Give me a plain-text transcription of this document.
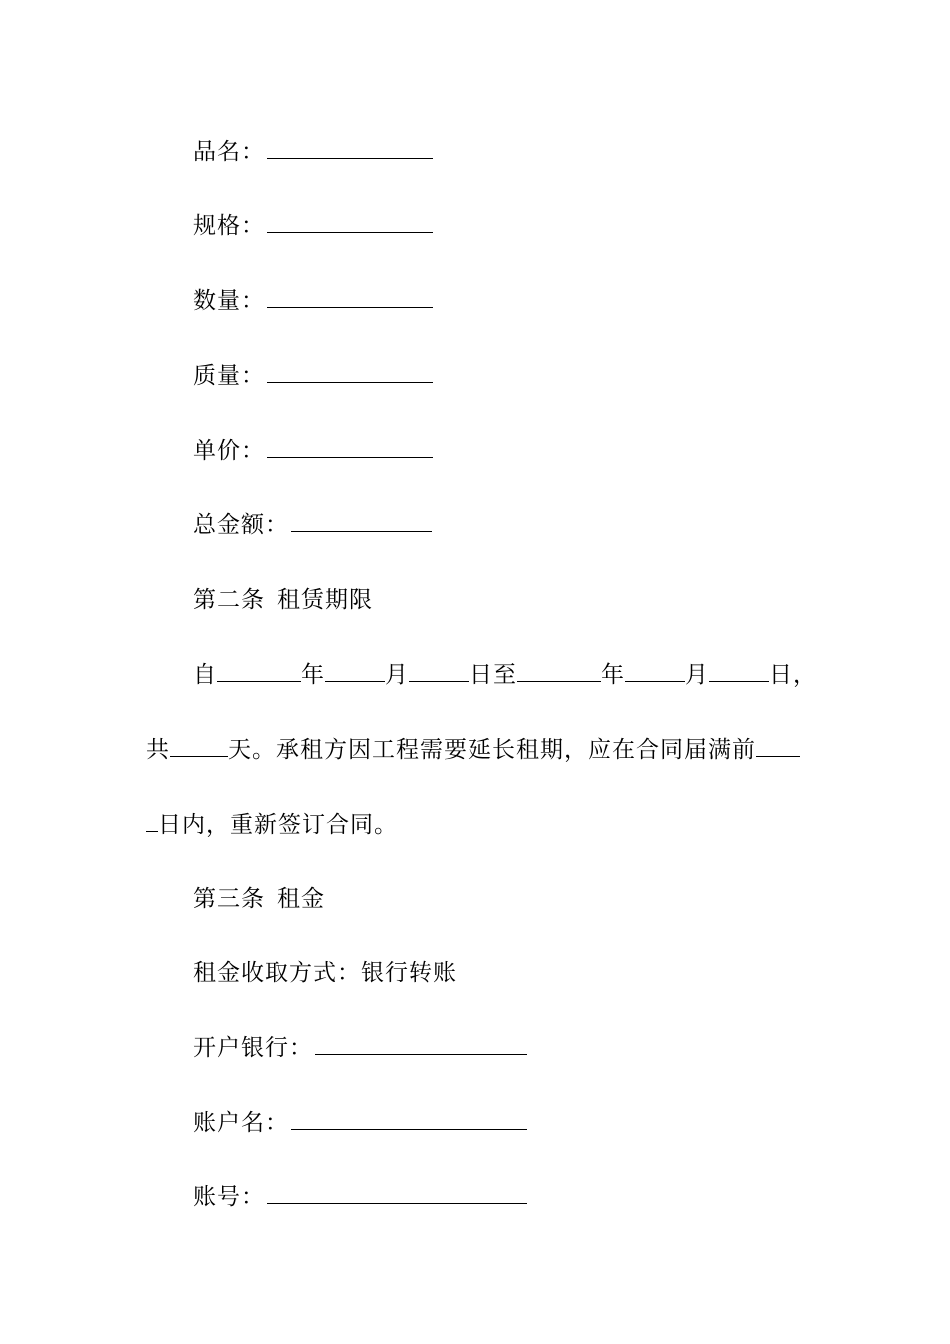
品名：
规格：
数量：
质量：
单价：
总金额：
第二条 租赁期限
自	年	月	日至	年	月	日，
共	天。承租方因工程需要延长租期，应在合同届满前
日内，重新签订合同。
第三条 租金
租金收取方式：银行转账
开户银行：
账户名：
账号：
